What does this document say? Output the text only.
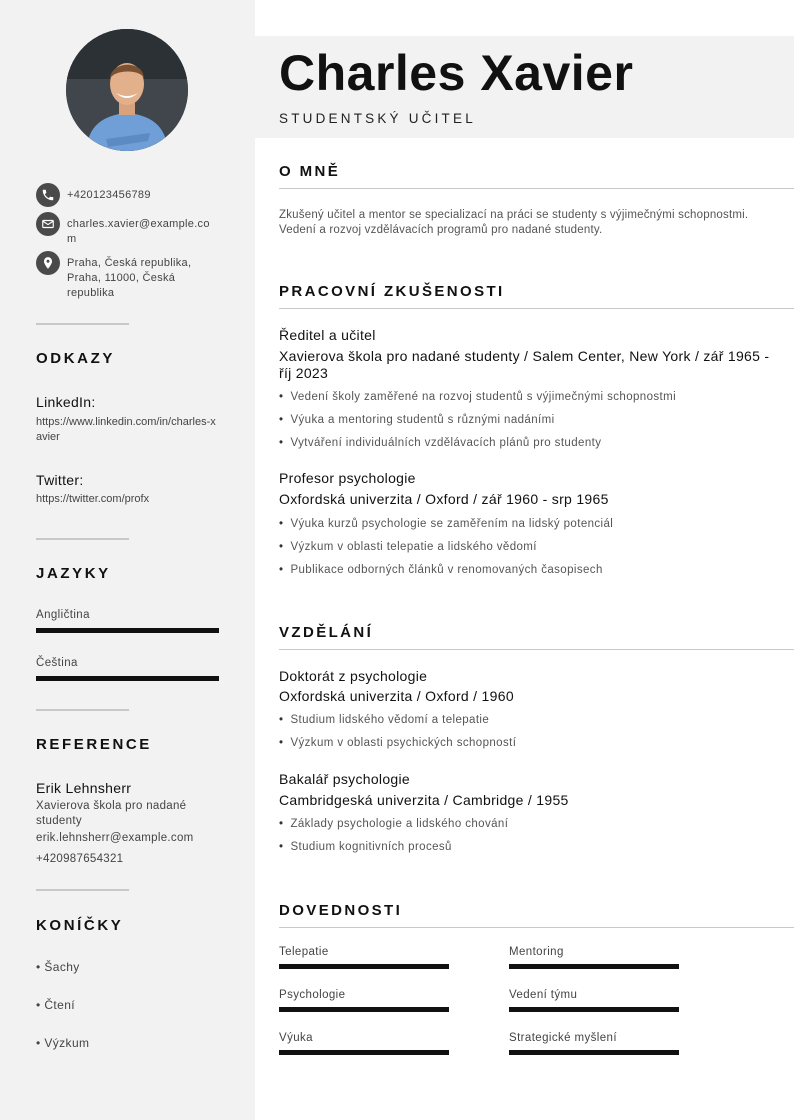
+420123456789
charles.xavier@example.com
Praha, Česká republika, Praha, 11000, Česká republika
ODKAZY
LinkedIn:
https://www.linkedin.com/in/charles-xavier
Twitter:
https://twitter.com/profx
JAZYKY
Angličtina
Čeština
REFERENCE
Erik Lehnsherr
Xavierova škola pro nadané studenty
erik.lehnsherr@example.com
+420987654321
KONÍČKY
• Šachy
• Čtení
• Výzkum
Charles Xavier
STUDENTSKÝ UČITEL
O MNĚ
Zkušený učitel a mentor se specializací na práci se studenty s výjimečnými schopnostmi. Vedení a rozvoj vzdělávacích programů pro nadané studenty.
PRACOVNÍ ZKUŠENOSTI
Ředitel a učitel
Xavierova škola pro nadané studenty / Salem Center, New York / zář 1965 - říj 2023
• Vedení školy zaměřené na rozvoj studentů s výjimečnými schopnostmi
• Výuka a mentoring studentů s různými nadáními
• Vytváření individuálních vzdělávacích plánů pro studenty
Profesor psychologie
Oxfordská univerzita / Oxford / zář 1960 - srp 1965
• Výuka kurzů psychologie se zaměřením na lidský potenciál
• Výzkum v oblasti telepatie a lidského vědomí
• Publikace odborných článků v renomovaných časopisech
VZDĚLÁNÍ
Doktorát z psychologie
Oxfordská univerzita / Oxford / 1960
• Studium lidského vědomí a telepatie
• Výzkum v oblasti psychických schopností
Bakalář psychologie
Cambridgeská univerzita / Cambridge / 1955
• Základy psychologie a lidského chování
• Studium kognitivních procesů
DOVEDNOSTI
Telepatie	Mentoring
Psychologie	Vedení týmu
Výuka	Strategické myšlení
